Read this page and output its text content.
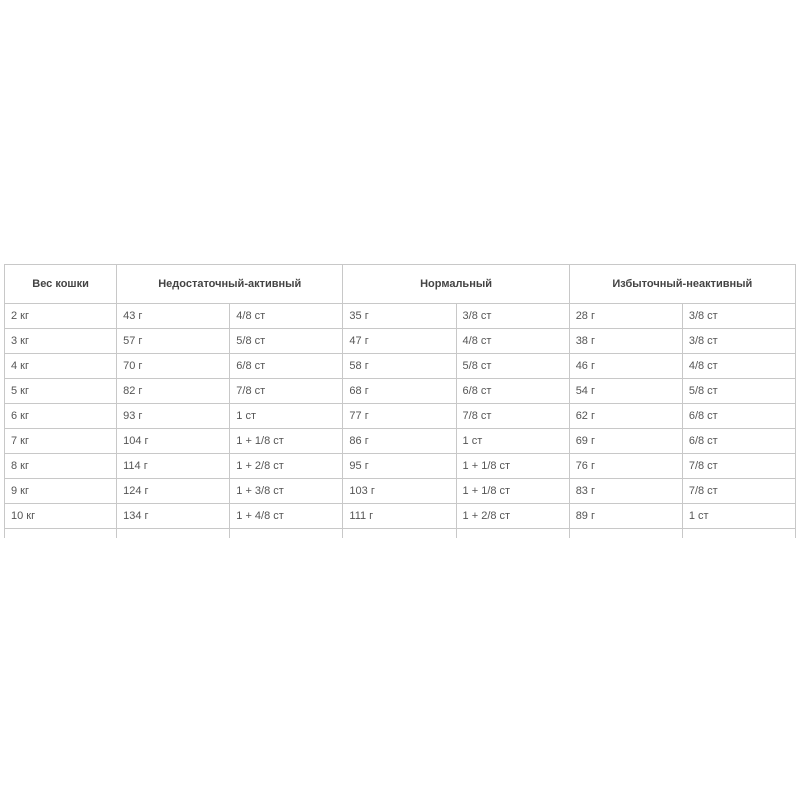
Вес кошки	Недостаточный-активный		Нормальный		Избыточный-неактивный	
2 кг	43 г	4/8 ст	35 г	3/8 ст	28 г	3/8 ст
3 кг	57 г	5/8 ст	47 г	4/8 ст	38 г	3/8 ст
4 кг	70 г	6/8 ст	58 г	5/8 ст	46 г	4/8 ст
5 кг	82 г	7/8 ст	68 г	6/8 ст	54 г	5/8 ст
6 кг	93 г	1 ст	77 г	7/8 ст	62 г	6/8 ст
7 кг	104 г	1 + 1/8 ст	86 г	1 ст	69 г	6/8 ст
8 кг	114 г	1 + 2/8 ст	95 г	1 + 1/8 ст	76 г	7/8 ст
9 кг	124 г	1 + 3/8 ст	103 г	1 + 1/8 ст	83 г	7/8 ст
10 кг	134 г	1 + 4/8 ст	111 г	1 + 2/8 ст	89 г	1 ст
